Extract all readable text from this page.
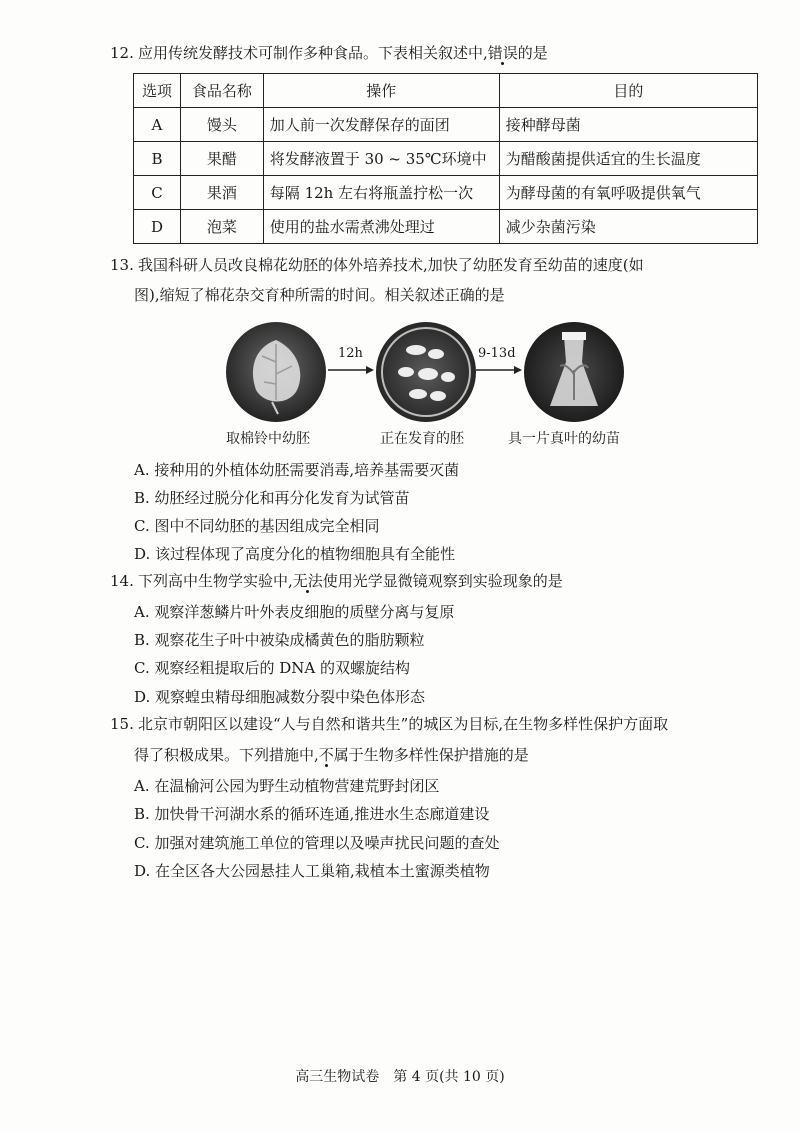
12. 应用传统发酵技术可制作多种食品。下表相关叙述中,错误的是
选项	食品名称	操作	目的
A	馒头	加人前一次发酵保存的面团	接种酵母菌
B	果醋	将发酵液置于 30 ~ 35℃环境中	为醋酸菌提供适宜的生长温度
C	果酒	每隔 12h 左右将瓶盖拧松一次	为酵母菌的有氧呼吸提供氧气
D	泡菜	使用的盐水需煮沸处理过	减少杂菌污染
13. 我国科研人员改良棉花幼胚的体外培养技术,加快了幼胚发育至幼苗的速度(如
图),缩短了棉花杂交育种所需的时间。相关叙述正确的是
12h	9-13d
取棉铃中幼胚	正在发育的胚	具一片真叶的幼苗
A. 接种用的外植体幼胚需要消毒,培养基需要灭菌
B. 幼胚经过脱分化和再分化发育为试管苗
C. 图中不同幼胚的基因组成完全相同
D. 该过程体现了高度分化的植物细胞具有全能性
14. 下列高中生物学实验中,无法使用光学显微镜观察到实验现象的是
A. 观察洋葱鳞片叶外表皮细胞的质壁分离与复原
B. 观察花生子叶中被染成橘黄色的脂肪颗粒
C. 观察经粗提取后的 DNA 的双螺旋结构
D. 观察蝗虫精母细胞减数分裂中染色体形态
15. 北京市朝阳区以建设“人与自然和谐共生”的城区为目标,在生物多样性保护方面取
得了积极成果。下列措施中,不属于生物多样性保护措施的是
A. 在温榆河公园为野生动植物营建荒野封闭区
B. 加快骨干河湖水系的循环连通,推进水生态廊道建设
C. 加强对建筑施工单位的管理以及噪声扰民问题的查处
D. 在全区各大公园悬挂人工巢箱,栽植本土蜜源类植物
高三生物试卷　第 4 页(共 10 页)
